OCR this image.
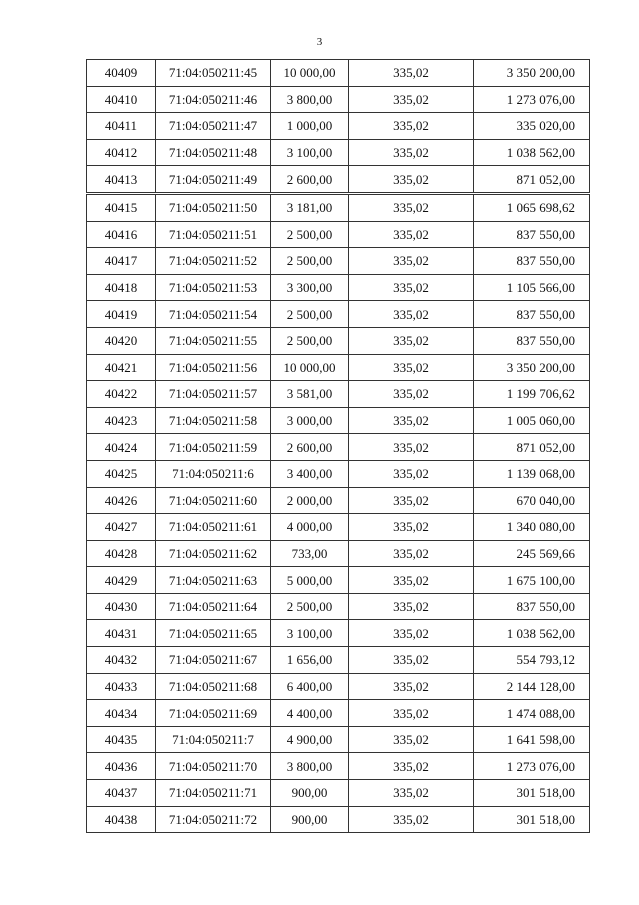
3
40409	71:04:050211:45	10 000,00	335,02	3 350 200,00
40410	71:04:050211:46	3 800,00	335,02	1 273 076,00
40411	71:04:050211:47	1 000,00	335,02	335 020,00
40412	71:04:050211:48	3 100,00	335,02	1 038 562,00
40413	71:04:050211:49	2 600,00	335,02	871 052,00
40415	71:04:050211:50	3 181,00	335,02	1 065 698,62
40416	71:04:050211:51	2 500,00	335,02	837 550,00
40417	71:04:050211:52	2 500,00	335,02	837 550,00
40418	71:04:050211:53	3 300,00	335,02	1 105 566,00
40419	71:04:050211:54	2 500,00	335,02	837 550,00
40420	71:04:050211:55	2 500,00	335,02	837 550,00
40421	71:04:050211:56	10 000,00	335,02	3 350 200,00
40422	71:04:050211:57	3 581,00	335,02	1 199 706,62
40423	71:04:050211:58	3 000,00	335,02	1 005 060,00
40424	71:04:050211:59	2 600,00	335,02	871 052,00
40425	71:04:050211:6	3 400,00	335,02	1 139 068,00
40426	71:04:050211:60	2 000,00	335,02	670 040,00
40427	71:04:050211:61	4 000,00	335,02	1 340 080,00
40428	71:04:050211:62	733,00	335,02	245 569,66
40429	71:04:050211:63	5 000,00	335,02	1 675 100,00
40430	71:04:050211:64	2 500,00	335,02	837 550,00
40431	71:04:050211:65	3 100,00	335,02	1 038 562,00
40432	71:04:050211:67	1 656,00	335,02	554 793,12
40433	71:04:050211:68	6 400,00	335,02	2 144 128,00
40434	71:04:050211:69	4 400,00	335,02	1 474 088,00
40435	71:04:050211:7	4 900,00	335,02	1 641 598,00
40436	71:04:050211:70	3 800,00	335,02	1 273 076,00
40437	71:04:050211:71	900,00	335,02	301 518,00
40438	71:04:050211:72	900,00	335,02	301 518,00
